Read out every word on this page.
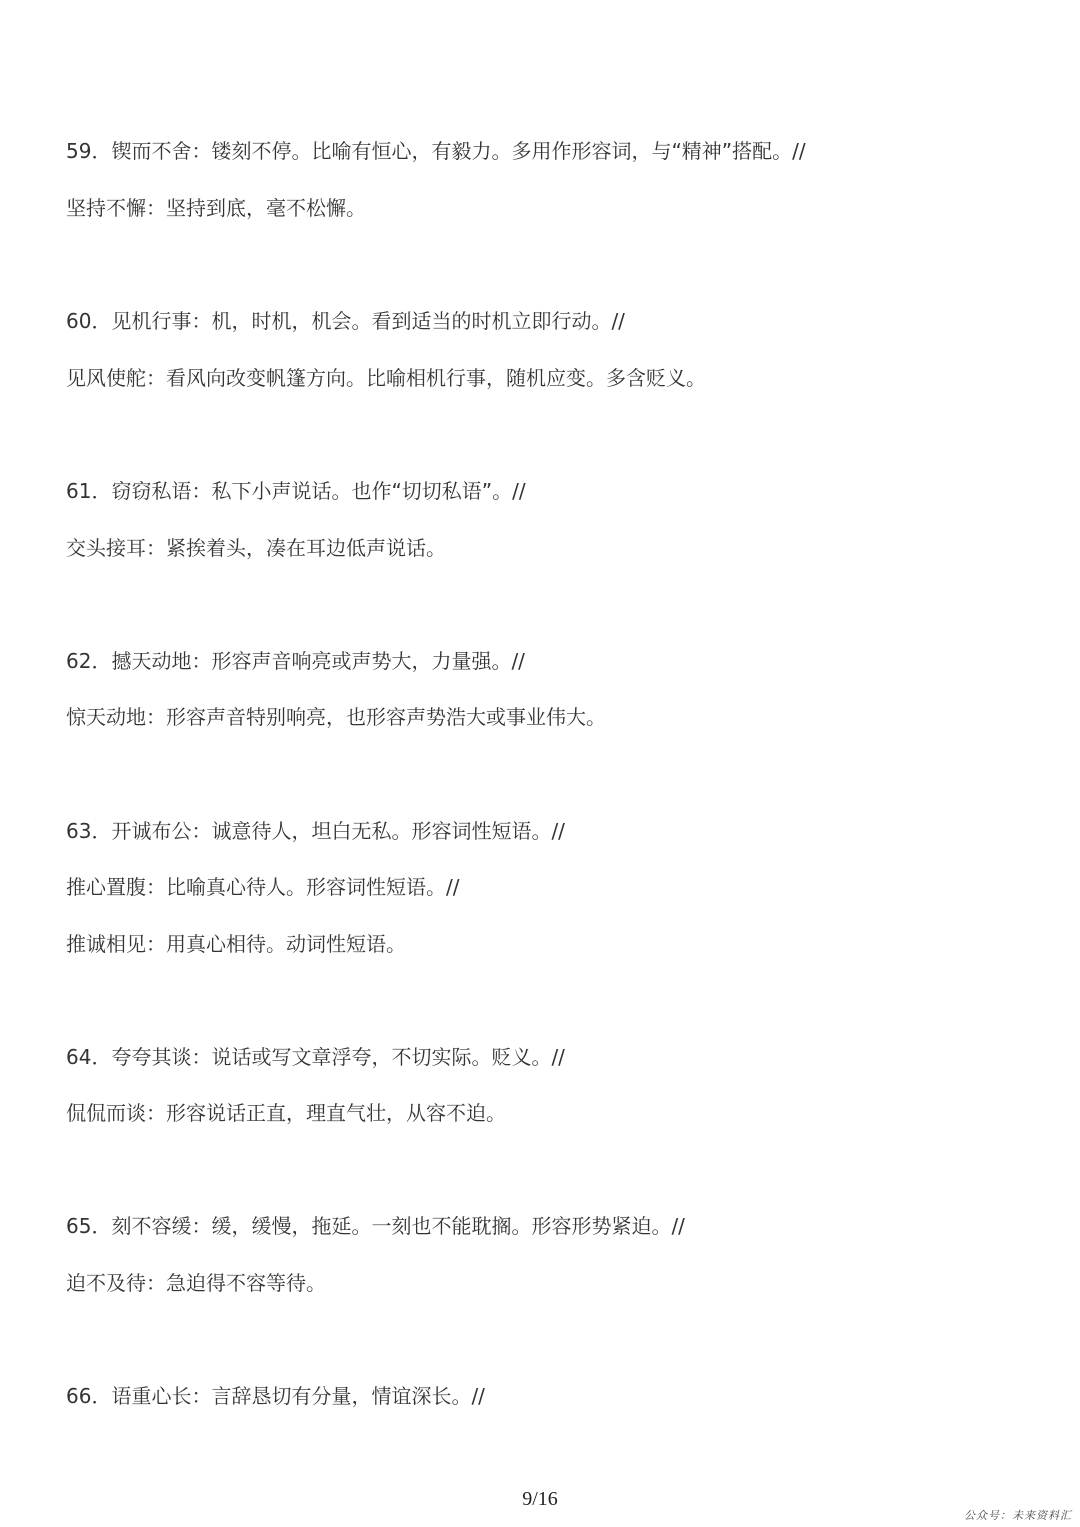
59．锲而不舍：镂刻不停。比喻有恒心，有毅力。多用作形容词，与“精神”搭配。//
坚持不懈：坚持到底，毫不松懈。
60．见机行事：机，时机，机会。看到适当的时机立即行动。//
见风使舵：看风向改变帆篷方向。比喻相机行事，随机应变。多含贬义。
61．窃窃私语：私下小声说话。也作“切切私语”。//
交头接耳：紧挨着头，凑在耳边低声说话。
62．撼天动地：形容声音响亮或声势大，力量强。//
惊天动地：形容声音特别响亮，也形容声势浩大或事业伟大。
63．开诚布公：诚意待人，坦白无私。形容词性短语。//
推心置腹：比喻真心待人。形容词性短语。//
推诚相见：用真心相待。动词性短语。
64．夸夸其谈：说话或写文章浮夸，不切实际。贬义。//
侃侃而谈：形容说话正直，理直气壮，从容不迫。
65．刻不容缓：缓，缓慢，拖延。一刻也不能耽搁。形容形势紧迫。//
迫不及待：急迫得不容等待。
66．语重心长：言辞恳切有分量，情谊深长。//
9/16
公众号：未来资料汇
